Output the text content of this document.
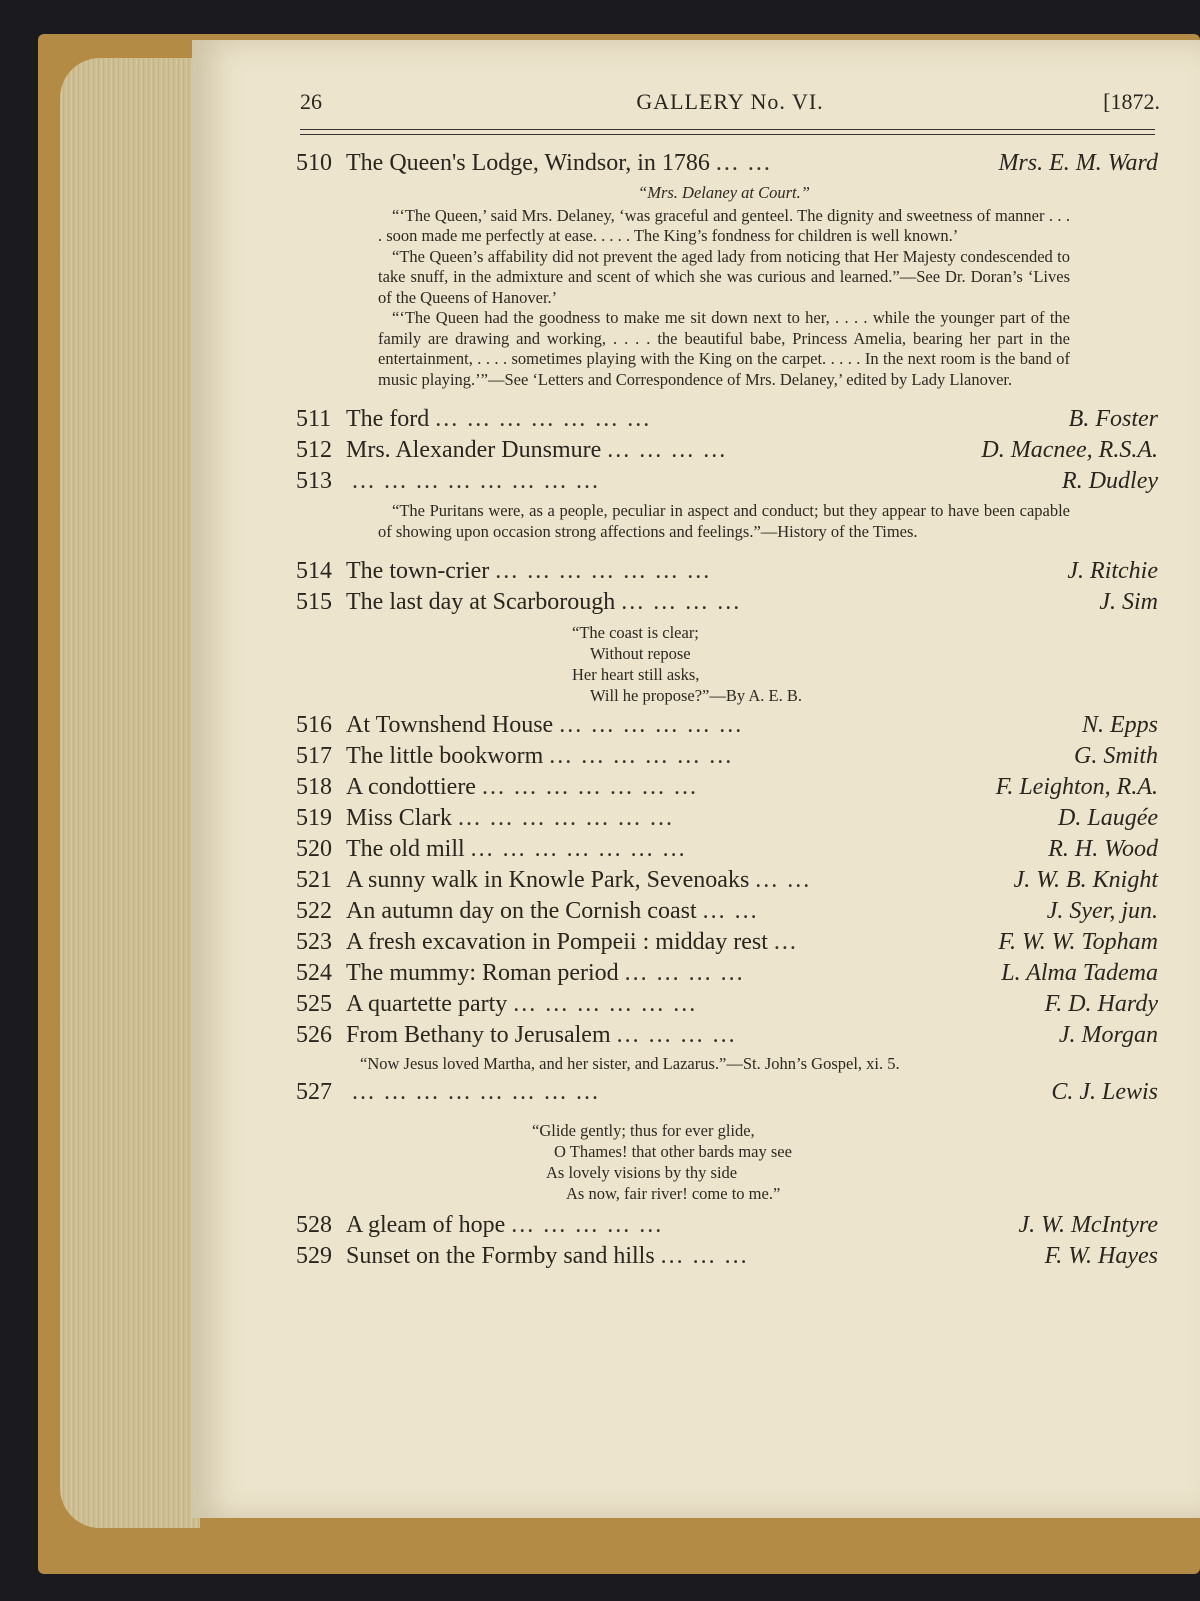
26	GALLERY No. VI.	[1872.
510 The Queen's Lodge, Windsor, in 1786 ... ...	Mrs. E. M. Ward

“Mrs. Delaney at Court.”

“‘The Queen,’ said Mrs. Delaney, ‘was graceful and genteel. The dignity and sweetness of manner . . . . soon made me perfectly at ease. . . . . The King’s fondness for children is well known.’

“The Queen’s affability did not prevent the aged lady from noticing that Her Majesty condescended to take snuff, in the admixture and scent of which she was curious and learned.”—See Dr. Doran’s ‘Lives of the Queens of Hanover.’

“‘The Queen had the goodness to make me sit down next to her, . . . . while the younger part of the family are drawing and working, . . . . the beautiful babe, Princess Amelia, bearing her part in the entertainment, . . . . sometimes playing with the King on the carpet. . . . . In the next room is the band of music playing.’”—See ‘Letters and Correspondence of Mrs. Delaney,’ edited by Lady Llanover.

511 The ford ... ... ... ... ... ... ...	B. Foster
512 Mrs. Alexander Dunsmure ... ... ... ...	D. Macnee, R.S.A.
513 ... ... ... ... ... ... ... ...	R. Dudley

“The Puritans were, as a people, peculiar in aspect and conduct; but they appear to have been capable of showing upon occasion strong affections and feelings.”—History of the Times.

514 The town-crier ... ... ... ... ... ... ...	J. Ritchie
515 The last day at Scarborough ... ... ... ...	J. Sim
“The coast is clear;
Without repose
Her heart still asks,
Will he propose?”—By A. E. B.
516 At Townshend House ... ... ... ... ... ...	N. Epps
517 The little bookworm ... ... ... ... ... ...	G. Smith
518 A condottiere ... ... ... ... ... ... ...	F. Leighton, R.A.
519 Miss Clark ... ... ... ... ... ... ...	D. Laugée
520 The old mill ... ... ... ... ... ... ...	R. H. Wood
521 A sunny walk in Knowle Park, Sevenoaks ... ...	J. W. B. Knight
522 An autumn day on the Cornish coast ... ...	J. Syer, jun.
523 A fresh excavation in Pompeii : midday rest ...	F. W. W. Topham
524 The mummy: Roman period ... ... ... ...	L. Alma Tadema
525 A quartette party ... ... ... ... ... ...	F. D. Hardy
526 From Bethany to Jerusalem ... ... ... ...	J. Morgan
“Now Jesus loved Martha, and her sister, and Lazarus.”—St. John’s Gospel, xi. 5.
527 ... ... ... ... ... ... ... ...	C. J. Lewis
“Glide gently; thus for ever glide,
O Thames! that other bards may see
As lovely visions by thy side
As now, fair river! come to me.”
528 A gleam of hope ... ... ... ... ...	J. W. McIntyre
529 Sunset on the Formby sand hills ... ... ...	F. W. Hayes
